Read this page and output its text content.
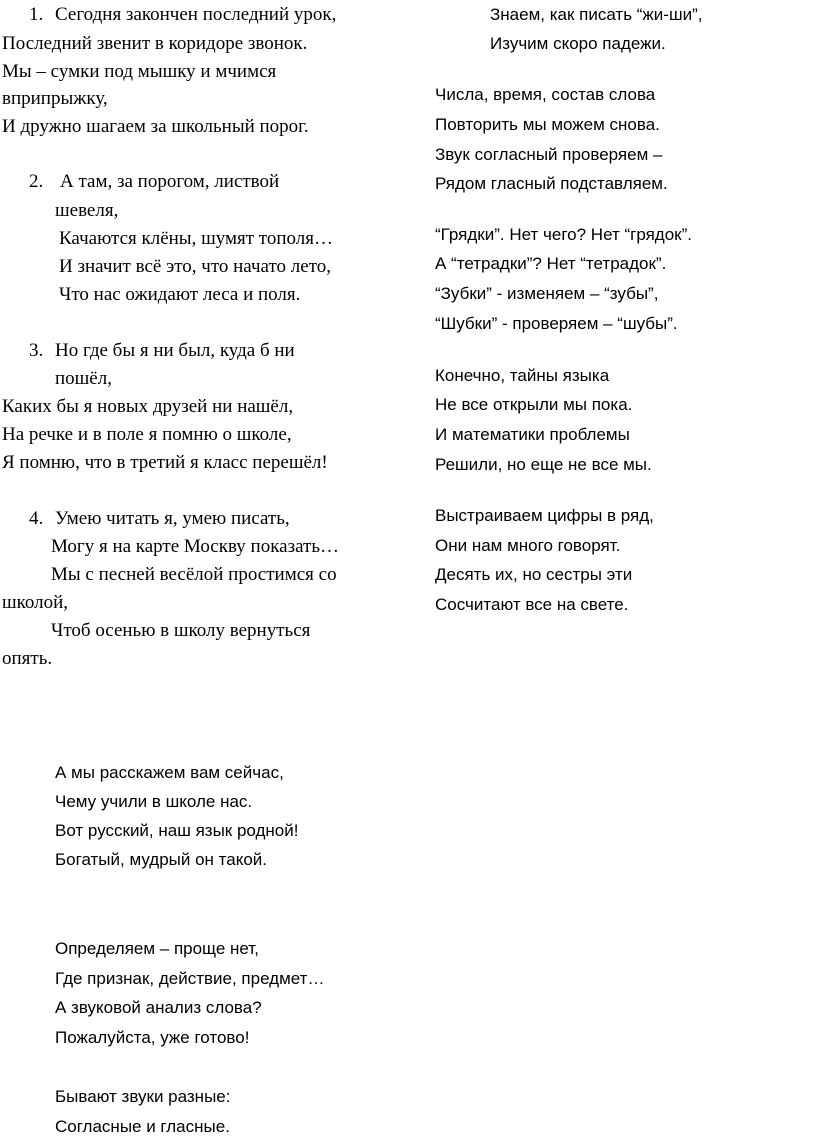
1. Сегодня закончен последний урок,
Последний звенит в коридоре звонок.
Мы – сумки под мышку и мчимся
вприпрыжку,
И дружно шагаем за школьный порог.
2. А там, за порогом, листвой
шевеля,
Качаются клёны, шумят тополя…
И значит всё это, что начато лето,
Что нас ожидают леса и поля.
3. Но где бы я ни был, куда б ни
пошёл,
Каких бы я новых друзей ни нашёл,
На речке и в поле я помню о школе,
Я помню, что в третий я класс перешёл!
4. Умею читать я, умею писать,
Могу я на карте Москву показать…
Мы с песней весёлой простимся со
школой,
Чтоб осенью в школу вернуться
опять.
Знаем, как писать “жи-ши”,
Изучим скоро падежи.
Числа, время, состав слова
Повторить мы можем снова.
Звук согласный проверяем –
Рядом гласный подставляем.
“Грядки”. Нет чего? Нет “грядок”.
А “тетрадки”? Нет “тетрадок”.
“Зубки” - изменяем – “зубы”,
“Шубки” - проверяем – “шубы”.
Конечно, тайны языка
Не все открыли мы пока.
И математики проблемы
Решили, но еще не все мы.
Выстраиваем цифры в ряд,
Они нам много говорят.
Десять их, но сестры эти
Сосчитают все на свете.
А мы расскажем вам сейчас,
Чему учили в школе нас.
Вот русский, наш язык родной!
Богатый, мудрый он такой.
Определяем – проще нет,
Где признак, действие, предмет…
А звуковой анализ слова?
Пожалуйста, уже готово!
Бывают звуки разные:
Согласные и гласные.
